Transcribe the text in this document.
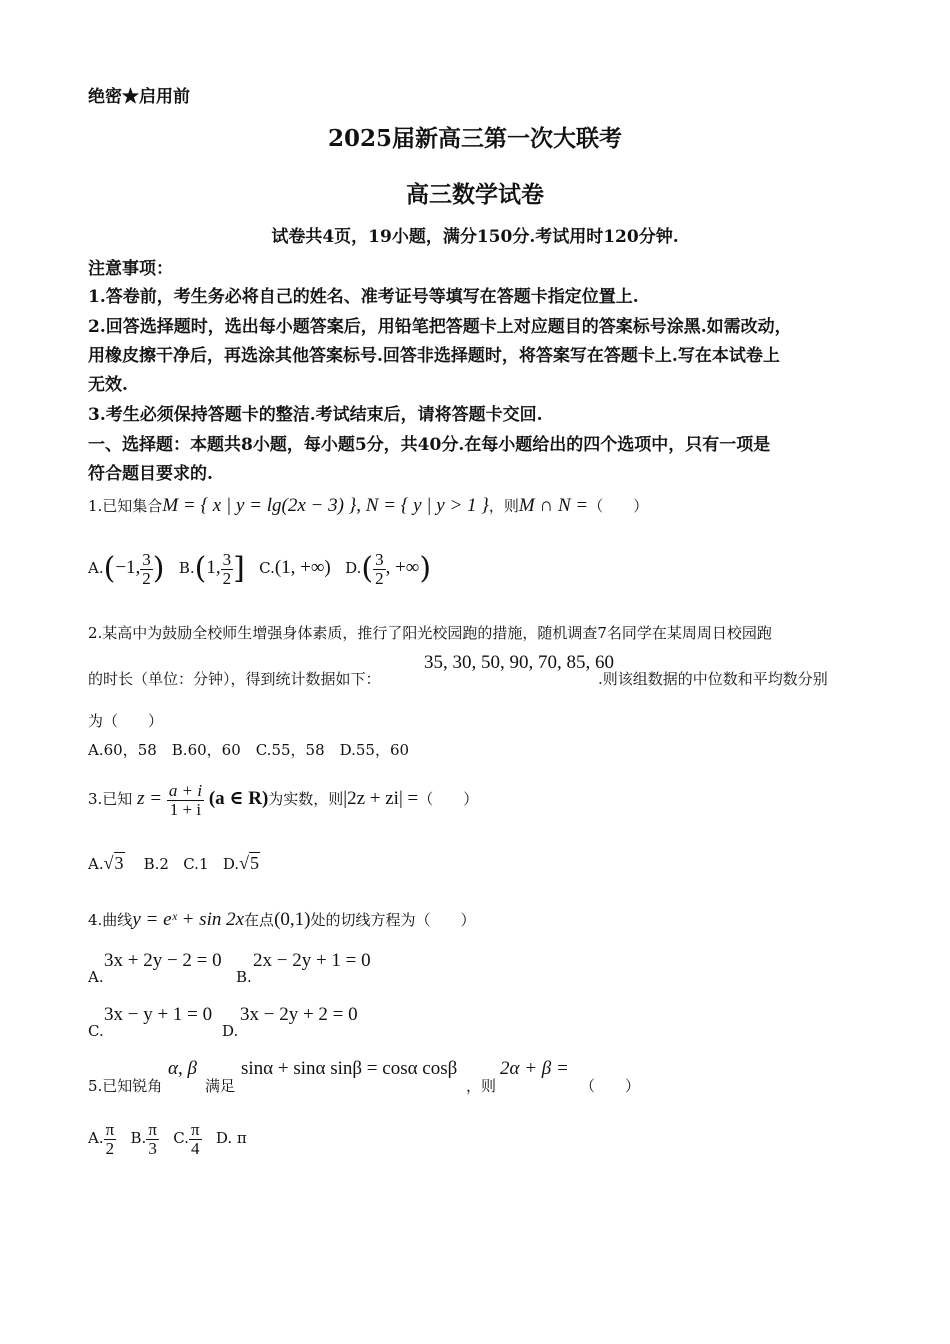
绝密★启用前
2025届新高三第一次大联考
高三数学试卷
试卷共4页，19小题，满分150分.考试用时120分钟.
注意事项：
1.答卷前，考生务必将自己的姓名、准考证号等填写在答题卡指定位置上.
2.回答选择题时，选出每小题答案后，用铅笔把答题卡上对应题目的答案标号涂黑.如需改动，
用橡皮擦干净后，再选涂其他答案标号.回答非选择题时，将答案写在答题卡上.写在本试卷上
无效.
3.考生必须保持答题卡的整洁.考试结束后，请将答题卡交回.
一、选择题：本题共8小题，每小题5分，共40分.在每小题给出的四个选项中，只有一项是
符合题目要求的.
1.已知集合M = { x | y = lg(2x − 3) }, N = { y | y > 1 }，则M ∩ N =（　　）
A.(−1, $\frac{3}{2}$ ) B.(1, $\frac{3}{2}$ ] C.(1, +∞) $D.( \frac{3}{2}$ , +∞)
2.某高中为鼓励全校师生增强身体素质，推行了阳光校园跑的措施，随机调查7名同学在某周周日校园跑
的时长（单位：分钟），得到统计数据如下：
35, 30, 50, 90, 70, 85, 60
.则该组数据的中位数和平均数分别
为（　　）
A.60，58　B.60，60　C.55，58　D.55，60
3.已知 $z = \frac{a + i}{1 + i} (a$ ∈ R)为实数，则|2z + zi| =（　　）
A.√3 B.2 C.1 D.√5
4.曲线y = eˣ + sin 2x在点(0,1)处的切线方程为（　　）
A.
3x + 2y − 2 = 0
B.
2x − 2y + 1 = 0
C.
3x − y + 1 = 0
D.
3x − 2y + 2 = 0
5.已知锐角
α, β
满足
sinα + sinα sinβ = cosα cosβ
，则
2α + β =
（　　）
A. $\frac{\pi}{2} B$. $\frac{\pi}{3} C$. $\frac{\pi}{4} D$. π
